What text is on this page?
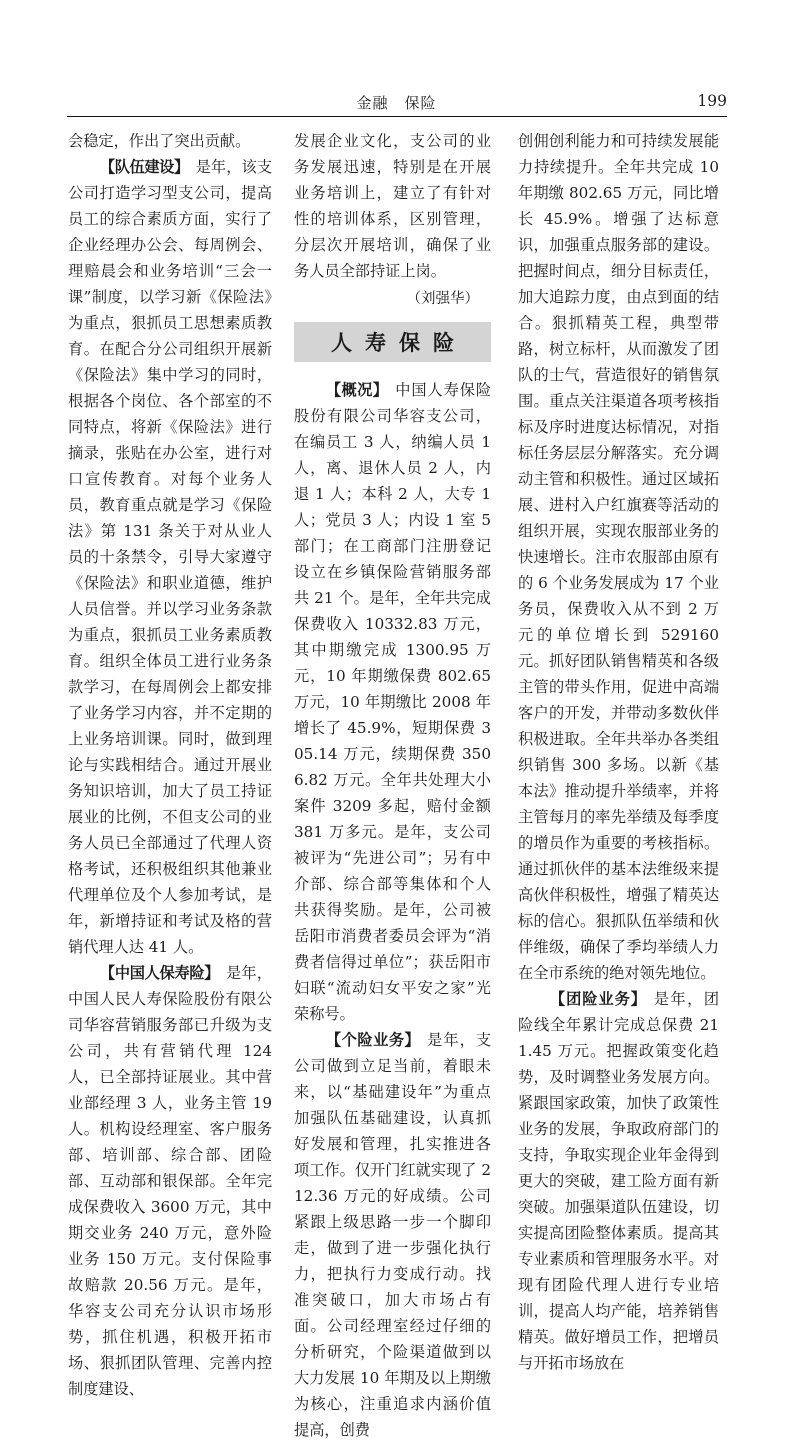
金融　保险	199

会稳定，作出了突出贡献。

【队伍建设】 是年，该支公司打造学习型支公司，提高员工的综合素质方面，实行了企业经理办公会、每周例会、理赔晨会和业务培训“三会一课”制度，以学习新《保险法》为重点，狠抓员工思想素质教育。在配合分公司组织开展新《保险法》集中学习的同时，根据各个岗位、各个部室的不同特点，将新《保险法》进行摘录，张贴在办公室，进行对口宣传教育。对每个业务人员，教育重点就是学习《保险法》第 131 条关于对从业人员的十条禁令，引导大家遵守《保险法》和职业道德，维护人员信誉。并以学习业务条款为重点，狠抓员工业务素质教育。组织全体员工进行业务条款学习，在每周例会上都安排了业务学习内容，并不定期的上业务培训课。同时，做到理论与实践相结合。通过开展业务知识培训，加大了员工持证展业的比例，不但支公司的业务人员已全部通过了代理人资格考试，还积极组织其他兼业代理单位及个人参加考试，是年，新增持证和考试及格的营销代理人达 41 人。

【中国人保寿险】 是年，中国人民人寿保险股份有限公司华容营销服务部已升级为支公司，共有营销代理 124 人，已全部持证展业。其中营业部经理 3 人，业务主管 19 人。机构设经理室、客户服务部、培训部、综合部、团险部、互动部和银保部。全年完成保费收入 3600 万元，其中期交业务 240 万元，意外险业务 150 万元。支付保险事故赔款 20.56 万元。是年，华容支公司充分认识市场形势，抓住机遇，积极开拓市场、狠抓团队管理、完善内控制度建设、

发展企业文化，支公司的业务发展迅速，特别是在开展业务培训上，建立了有针对性的培训体系，区别管理，分层次开展培训，确保了业务人员全部持证上岗。

（刘强华）
人寿保险

【概况】 中国人寿保险股份有限公司华容支公司，在编员工 3 人，纳编人员 1 人，离、退休人员 2 人，内退 1 人；本科 2 人，大专 1 人；党员 3 人；内设 1 室 5 部门；在工商部门注册登记设立在乡镇保险营销服务部共 21 个。是年，全年共完成保费收入 10332.83 万元，其中期缴完成 1300.95 万元，10 年期缴保费 802.65 万元，10 年期缴比 2008 年增长了 45.9%，短期保费 305.14 万元，续期保费 3506.82 万元。全年共处理大小案件 3209 多起，赔付金额 381 万多元。是年，支公司被评为“先进公司”；另有中介部、综合部等集体和个人共获得奖励。是年，公司被岳阳市消费者委员会评为“消费者信得过单位”；获岳阳市妇联“流动妇女平安之家”光荣称号。

【个险业务】 是年，支公司做到立足当前，着眼未来，以“基础建设年”为重点加强队伍基础建设，认真抓好发展和管理，扎实推进各项工作。仅开门红就实现了 212.36 万元的好成绩。公司紧跟上级思路一步一个脚印走，做到了进一步强化执行力，把执行力变成行动。找准突破口，加大市场占有面。公司经理室经过仔细的分析研究，个险渠道做到以大力发展 10 年期及以上期缴为核心，注重追求内涵价值提高，创费

创佣创利能力和可持续发展能力持续提升。全年共完成 10 年期缴 802.65 万元，同比增长 45.9%。增强了达标意识，加强重点服务部的建设。把握时间点，细分目标责任，加大追踪力度，由点到面的结合。狠抓精英工程，典型带路，树立标杆，从而激发了团队的士气，营造很好的销售氛围。重点关注渠道各项考核指标及序时进度达标情况，对指标任务层层分解落实。充分调动主管和积极性。通过区域拓展、进村入户红旗赛等活动的组织开展，实现农服部业务的快速增长。注市农服部由原有的 6 个业务发展成为 17 个业务员，保费收入从不到 2 万元的单位增长到 529160 元。抓好团队销售精英和各级主管的带头作用，促进中高端客户的开发，并带动多数伙伴积极进取。全年共举办各类组织销售 300 多场。以新《基本法》推动提升举绩率，并将主管每月的率先举绩及每季度的增员作为重要的考核指标。通过抓伙伴的基本法维级来提高伙伴积极性，增强了精英达标的信心。狠抓队伍举绩和伙伴维级，确保了季均举绩人力在全市系统的绝对领先地位。

【团险业务】 是年，团险线全年累计完成总保费 211.45 万元。把握政策变化趋势，及时调整业务发展方向。紧跟国家政策，加快了政策性业务的发展，争取政府部门的支持，争取实现企业年金得到更大的突破，建工险方面有新突破。加强渠道队伍建设，切实提高团险整体素质。提高其专业素质和管理服务水平。对现有团险代理人进行专业培训，提高人均产能，培养销售精英。做好增员工作，把增员与开拓市场放在
